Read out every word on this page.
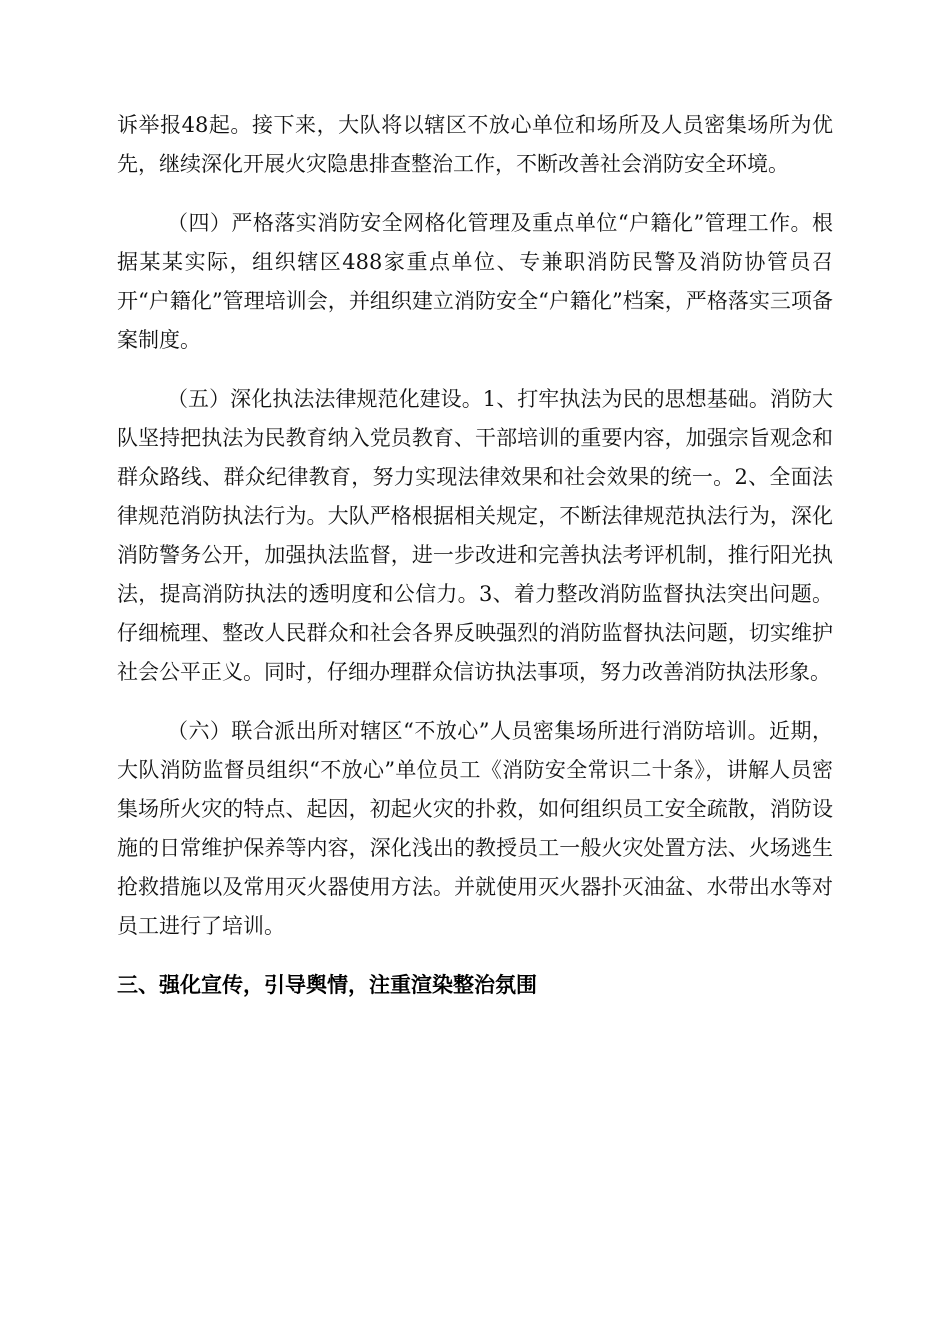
诉举报48起。接下来，大队将以辖区不放心单位和场所及人员密集场所为优先，继续深化开展火灾隐患排查整治工作，不断改善社会消防安全环境。

（四）严格落实消防安全网格化管理及重点单位“户籍化”管理工作。根据某某实际，组织辖区488家重点单位、专兼职消防民警及消防协管员召开“户籍化”管理培训会，并组织建立消防安全“户籍化”档案，严格落实三项备案制度。

（五）深化执法法律规范化建设。1、打牢执法为民的思想基础。消防大队坚持把执法为民教育纳入党员教育、干部培训的重要内容，加强宗旨观念和群众路线、群众纪律教育，努力实现法律效果和社会效果的统一。2、全面法律规范消防执法行为。大队严格根据相关规定，不断法律规范执法行为，深化消防警务公开，加强执法监督，进一步改进和完善执法考评机制，推行阳光执法，提高消防执法的透明度和公信力。3、着力整改消防监督执法突出问题。仔细梳理、整改人民群众和社会各界反映强烈的消防监督执法问题，切实维护社会公平正义。同时，仔细办理群众信访执法事项，努力改善消防执法形象。

（六）联合派出所对辖区“不放心”人员密集场所进行消防培训。近期，大队消防监督员组织“不放心”单位员工《消防安全常识二十条》，讲解人员密集场所火灾的特点、起因，初起火灾的扑救，如何组织员工安全疏散，消防设施的日常维护保养等内容，深化浅出的教授员工一般火灾处置方法、火场逃生抢救措施以及常用灭火器使用方法。并就使用灭火器扑灭油盆、水带出水等对员工进行了培训。

三、强化宣传，引导舆情，注重渲染整治氛围
